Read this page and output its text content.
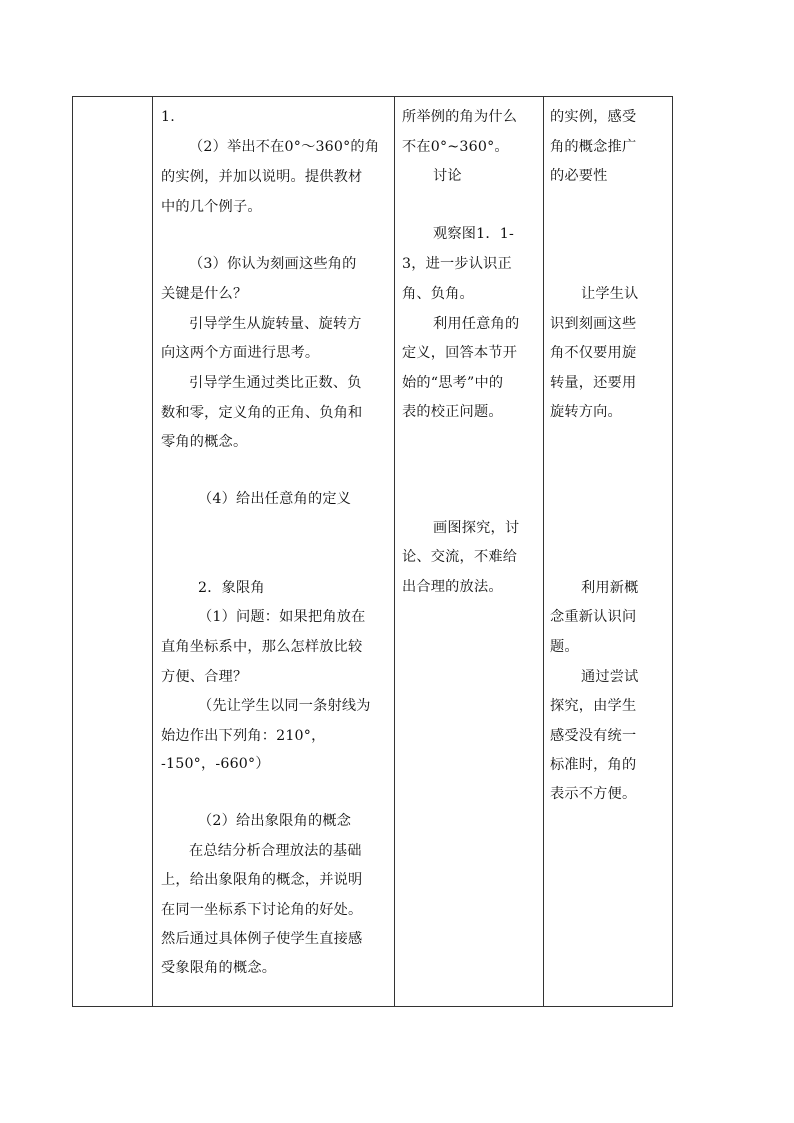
1.
（2）举出不在0°～360°的角
的实例，并加以说明。提供教材
中的几个例子。
（3）你认为刻画这些角的
关键是什么？
引导学生从旋转量、旋转方
向这两个方面进行思考。
引导学生通过类比正数、负
数和零，定义角的正角、负角和
零角的概念。
（4）给出任意角的定义
2．象限角
（1）问题：如果把角放在
直角坐标系中，那么怎样放比较
方便、合理？
（先让学生以同一条射线为
始边作出下列角：210°，
-150°，-660°）
（2）给出象限角的概念
在总结分析合理放法的基础
上，给出象限角的概念，并说明
在同一坐标系下讨论角的好处。
然后通过具体例子使学生直接感
受象限角的概念。

所举例的角为什么
不在0°~360°。
讨论
观察图1．1-
3，进一步认识正
角、负角。
利用任意角的
定义，回答本节开
始的“思考”中的
表的校正问题。
画图探究，讨
论、交流，不难给
出合理的放法。

的实例，感受
角的概念推广
的必要性
让学生认
识到刻画这些
角不仅要用旋
转量，还要用
旋转方向。
利用新概
念重新认识问
题。
通过尝试
探究，由学生
感受没有统一
标准时，角的
表示不方便。
